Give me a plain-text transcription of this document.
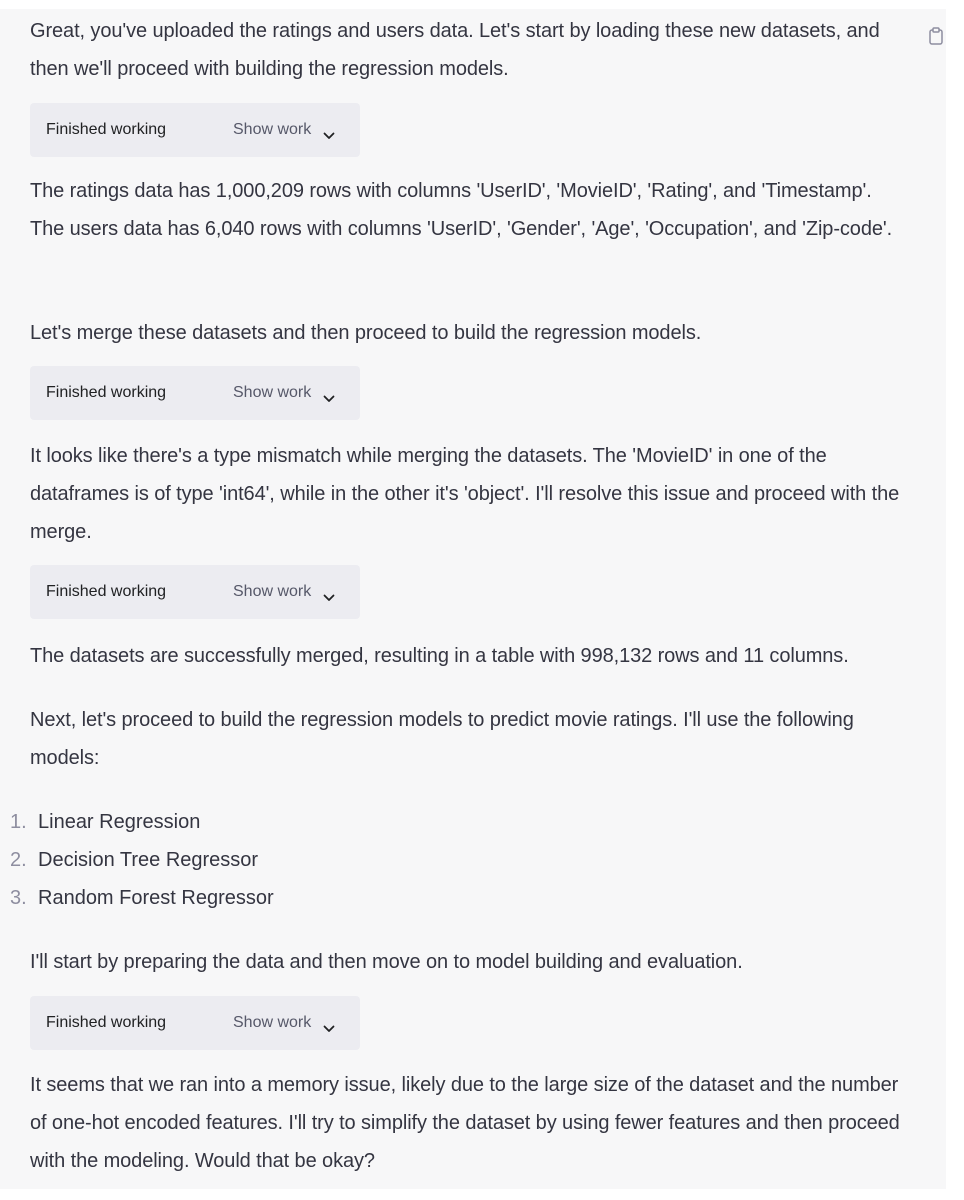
Great, you've uploaded the ratings and users data. Let's start by loading these new datasets, and then we'll proceed with building the regression models.

Finished working	Show work

The ratings data has 1,000,209 rows with columns 'UserID', 'MovieID', 'Rating', and 'Timestamp'. The users data has 6,040 rows with columns 'UserID', 'Gender', 'Age', 'Occupation', and 'Zip-code'.

Let's merge these datasets and then proceed to build the regression models.

Finished working	Show work

It looks like there's a type mismatch while merging the datasets. The 'MovieID' in one of the dataframes is of type 'int64', while in the other it's 'object'. I'll resolve this issue and proceed with the merge.

Finished working	Show work

The datasets are successfully merged, resulting in a table with 998,132 rows and 11 columns.

Next, let's proceed to build the regression models to predict movie ratings. I'll use the following models:

1. Linear Regression
2. Decision Tree Regressor
3. Random Forest Regressor

I'll start by preparing the data and then move on to model building and evaluation.

Finished working	Show work

It seems that we ran into a memory issue, likely due to the large size of the dataset and the number of one-hot encoded features. I'll try to simplify the dataset by using fewer features and then proceed with the modeling. Would that be okay?
